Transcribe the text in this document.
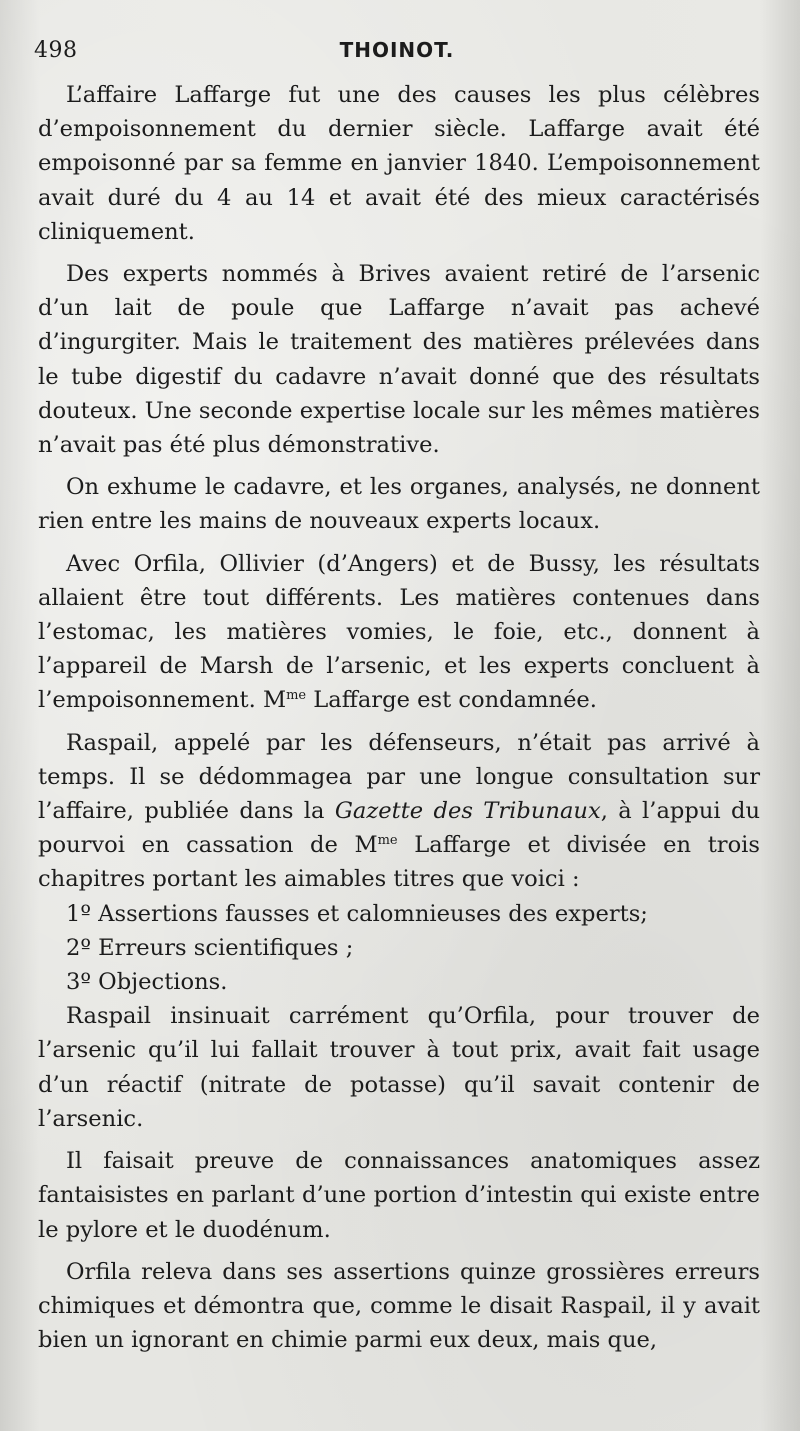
498	THOINOT.

L’affaire Laffarge fut une des causes les plus célèbres d’empoisonnement du dernier siècle. Laffarge avait été empoisonné par sa femme en janvier 1840. L’empoisonnement avait duré du 4 au 14 et avait été des mieux caractérisés cliniquement.

Des experts nommés à Brives avaient retiré de l’arsenic d’un lait de poule que Laffarge n’avait pas achevé d’ingurgiter. Mais le traitement des matières prélevées dans le tube digestif du cadavre n’avait donné que des résultats douteux. Une seconde expertise locale sur les mêmes matières n’avait pas été plus démonstrative.

On exhume le cadavre, et les organes, analysés, ne donnent rien entre les mains de nouveaux experts locaux.

Avec Orfila, Ollivier (d’Angers) et de Bussy, les résultats allaient être tout différents. Les matières contenues dans l’estomac, les matières vomies, le foie, etc., donnent à l’appareil de Marsh de l’arsenic, et les experts concluent à l’empoisonnement. $M^{me}$ Laffarge est condamnée.

Raspail, appelé par les défenseurs, n’était pas arrivé à temps. Il se dédommagea par une longue consultation sur l’affaire, publiée dans la Gazette des Tribunaux, à l’appui du pourvoi en cassation de $M^{me}$ Laffarge et divisée en trois chapitres portant les aimables titres que voici :

1º Assertions fausses et calomnieuses des experts;

2º Erreurs scientifiques ;

3º Objections.

Raspail insinuait carrément qu’Orfila, pour trouver de l’arsenic qu’il lui fallait trouver à tout prix, avait fait usage d’un réactif (nitrate de potasse) qu’il savait contenir de l’arsenic.

Il faisait preuve de connaissances anatomiques assez fantaisistes en parlant d’une portion d’intestin qui existe entre le pylore et le duodénum.

Orfila releva dans ses assertions quinze grossières erreurs chimiques et démontra que, comme le disait Raspail, il y avait bien un ignorant en chimie parmi eux deux, mais que,
